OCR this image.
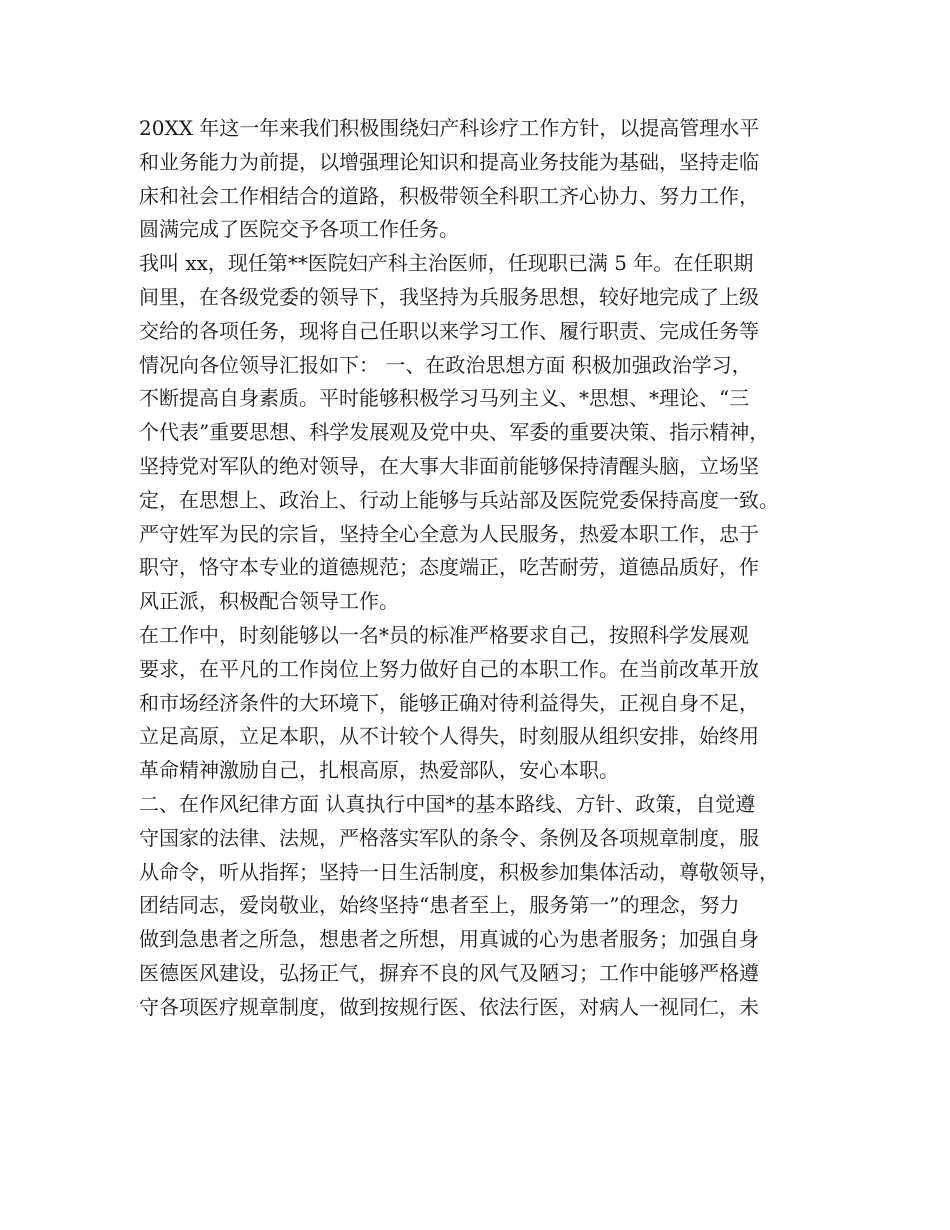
20XX 年这一年来我们积极围绕妇产科诊疗工作方针，以提高管理水平
和业务能力为前提，以增强理论知识和提高业务技能为基础，坚持走临
床和社会工作相结合的道路，积极带领全科职工齐心协力、努力工作，
圆满完成了医院交予各项工作任务。
我叫 xx，现任第**医院妇产科主治医师，任现职已满 5 年。在任职期
间里，在各级党委的领导下，我坚持为兵服务思想，较好地完成了上级
交给的各项任务，现将自己任职以来学习工作、履行职责、完成任务等
情况向各位领导汇报如下： 一、在政治思想方面 积极加强政治学习，
不断提高自身素质。平时能够积极学习马列主义、*思想、*理论、“三
个代表”重要思想、科学发展观及党中央、军委的重要决策、指示精神，
坚持党对军队的绝对领导，在大事大非面前能够保持清醒头脑，立场坚
定，在思想上、政治上、行动上能够与兵站部及医院党委保持高度一致。
严守姓军为民的宗旨，坚持全心全意为人民服务，热爱本职工作，忠于
职守，恪守本专业的道德规范；态度端正，吃苦耐劳，道德品质好，作
风正派，积极配合领导工作。
在工作中，时刻能够以一名*员的标准严格要求自己，按照科学发展观
要求，在平凡的工作岗位上努力做好自己的本职工作。在当前改革开放
和市场经济条件的大环境下，能够正确对待利益得失，正视自身不足，
立足高原，立足本职，从不计较个人得失，时刻服从组织安排，始终用
革命精神激励自己，扎根高原，热爱部队，安心本职。
二、在作风纪律方面 认真执行中国*的基本路线、方针、政策，自觉遵
守国家的法律、法规，严格落实军队的条令、条例及各项规章制度，服
从命令，听从指挥；坚持一日生活制度，积极参加集体活动，尊敬领导，
团结同志，爱岗敬业，始终坚持“患者至上，服务第一”的理念，努力
做到急患者之所急，想患者之所想，用真诚的心为患者服务；加强自身
医德医风建设，弘扬正气，摒弃不良的风气及陋习；工作中能够严格遵
守各项医疗规章制度，做到按规行医、依法行医，对病人一视同仁，未
